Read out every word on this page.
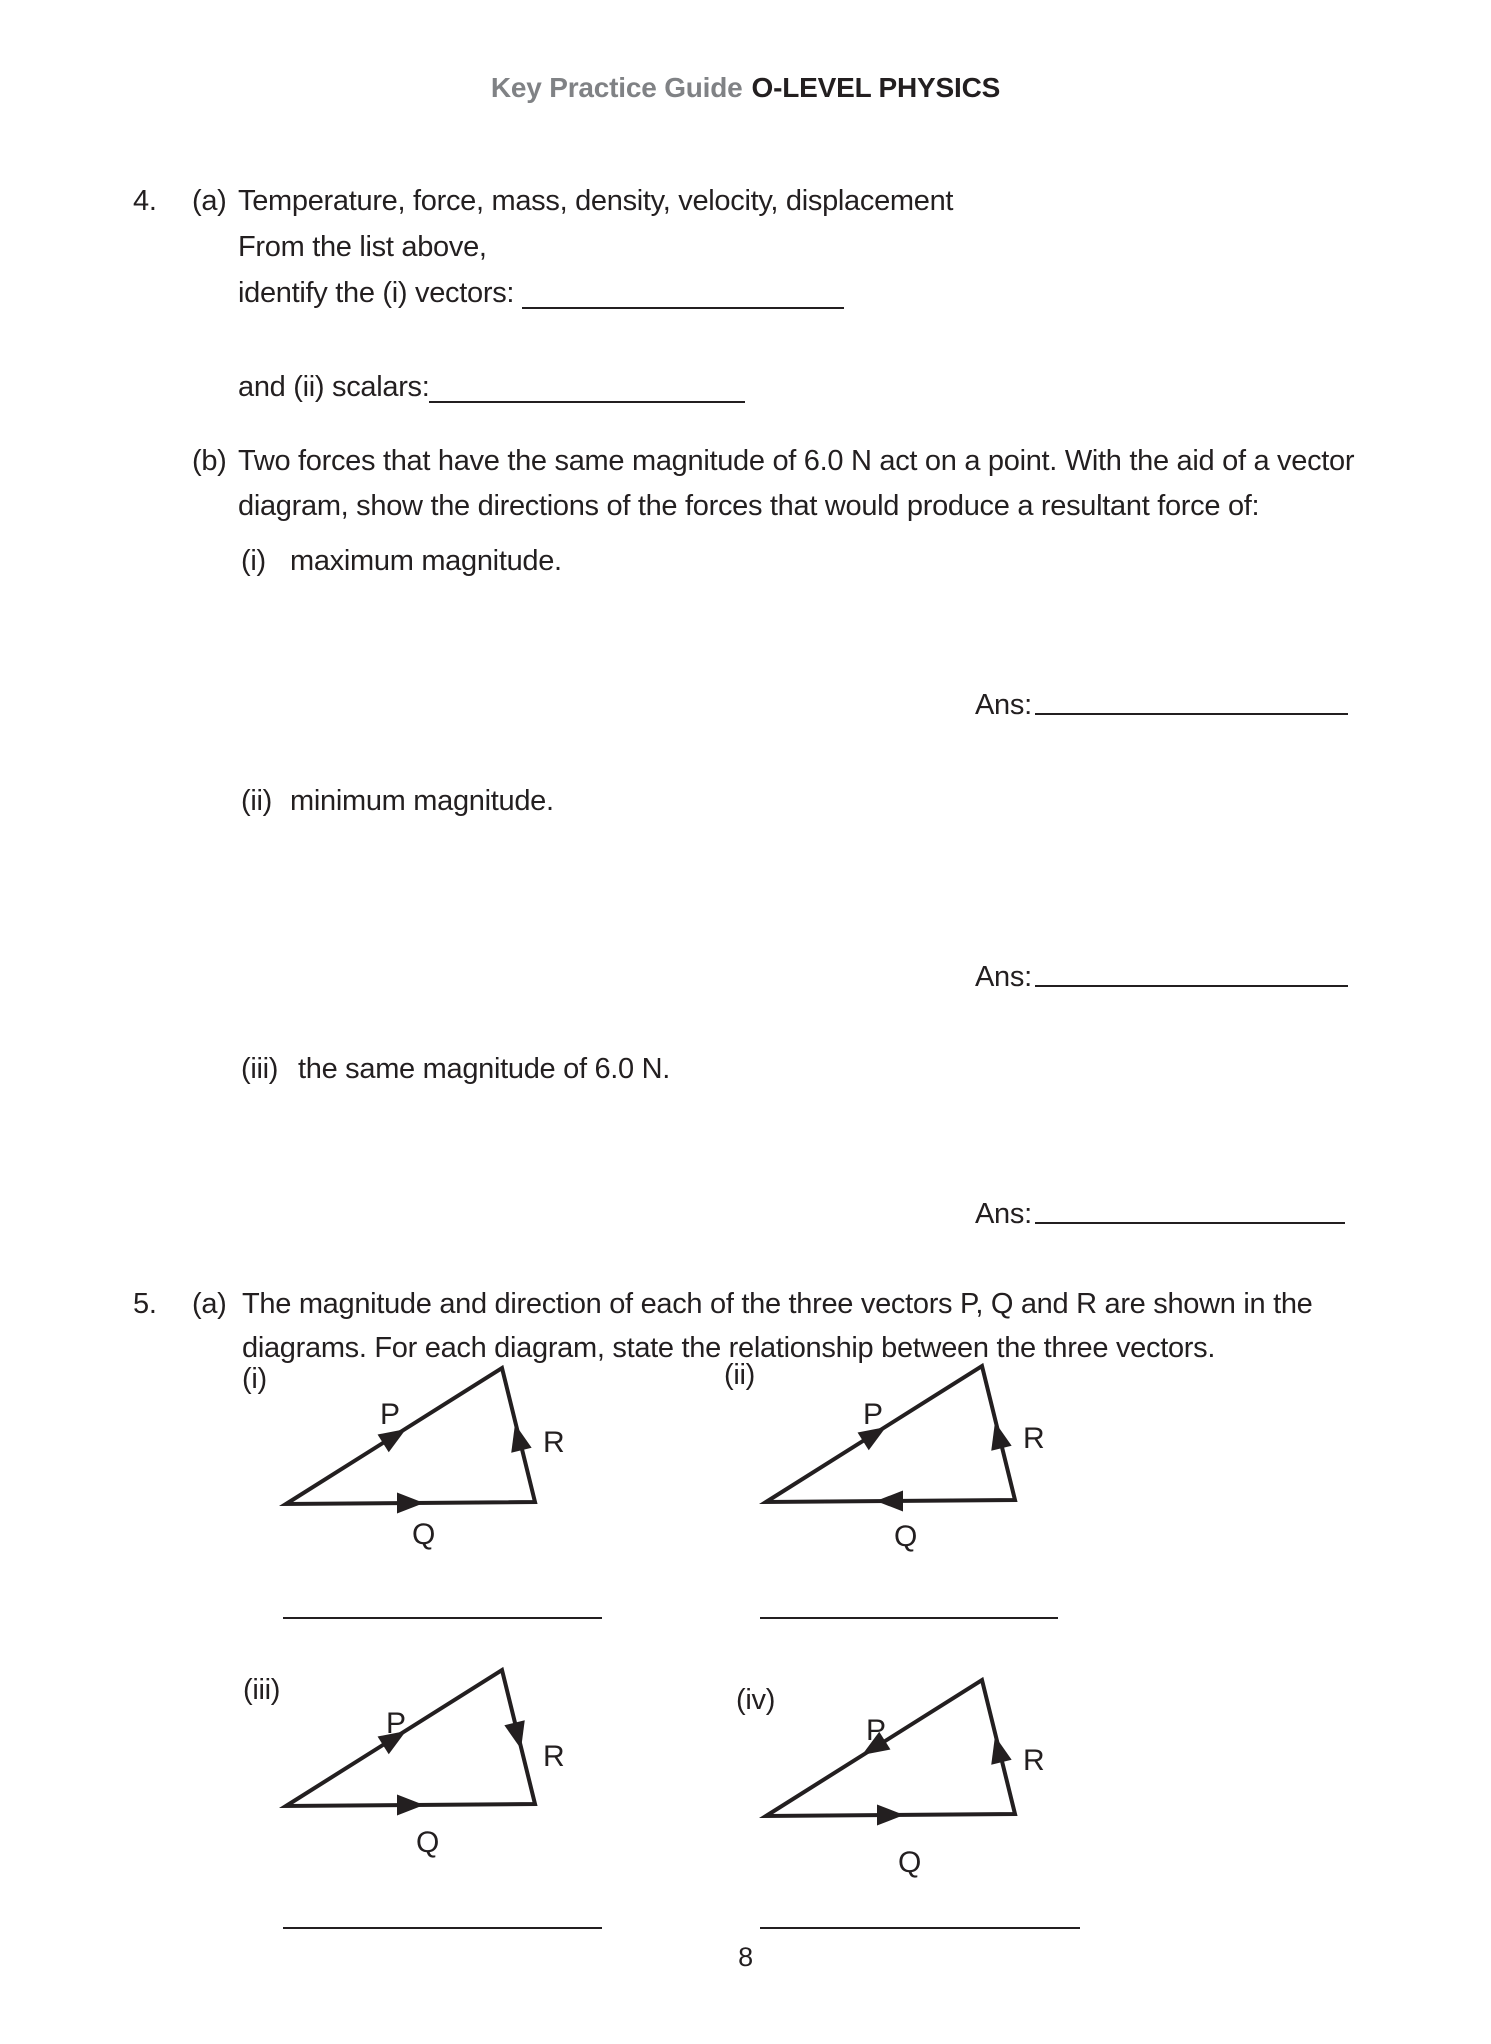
Key Practice Guide O-LEVEL PHYSICS
4. (a) Temperature, force, mass, density, velocity, displacement
From the list above,
identify the (i) vectors:
and (ii) scalars:
(b) Two forces that have the same magnitude of 6.0 N act on a point. With the aid of a vector
diagram, show the directions of the forces that would produce a resultant force of:
(i) maximum magnitude.
Ans:
(ii) minimum magnitude.
Ans:
(iii) the same magnitude of 6.0 N.
Ans:
5. (a) The magnitude and direction of each of the three vectors P, Q and R are shown in the
diagrams. For each diagram, state the relationship between the three vectors.
(i)
P
Q
R
(ii)
P
Q
R
(iii)
P
Q
R
(iv)
P
Q
R
8
